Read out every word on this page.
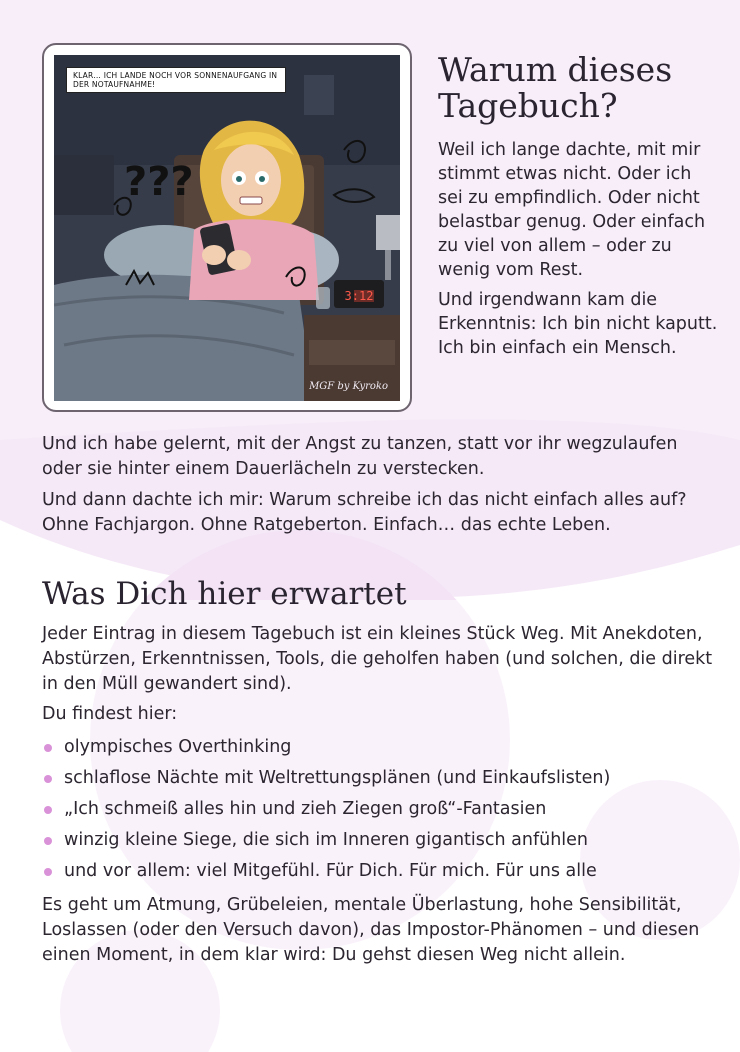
3:12
???
KLAR… ICH LANDE NOCH VOR SONNENAUFGANG IN DER NOTAUFNAHME!
MGF by Kyroko
Warum dieses
Tagebuch?

Weil ich lange dachte, mit mir stimmt etwas nicht. Oder ich sei zu empfindlich. Oder nicht belastbar genug. Oder einfach zu viel von allem – oder zu wenig vom Rest.

Und irgendwann kam die Erkenntnis: Ich bin nicht kaputt. Ich bin einfach ein Mensch.

Und ich habe gelernt, mit der Angst zu tanzen, statt vor ihr wegzulaufen oder sie hinter einem Dauerlächeln zu verstecken.

Und dann dachte ich mir: Warum schreibe ich das nicht einfach alles auf? Ohne Fachjargon. Ohne Ratgeberton. Einfach… das echte Leben.

Was Dich hier erwartet

Jeder Eintrag in diesem Tagebuch ist ein kleines Stück Weg. Mit Anekdoten, Abstürzen, Erkenntnissen, Tools, die geholfen haben (und solchen, die direkt in den Müll gewandert sind).

Du findest hier:

olympisches Overthinking
schlaflose Nächte mit Weltrettungsplänen (und Einkaufslisten)
„Ich schmeiß alles hin und zieh Ziegen groß“-Fantasien
winzig kleine Siege, die sich im Inneren gigantisch anfühlen
und vor allem: viel Mitgefühl. Für Dich. Für mich. Für uns alle

Es geht um Atmung, Grübeleien, mentale Überlastung, hohe Sensibilität, Loslassen (oder den Versuch davon), das Impostor-Phänomen – und diesen einen Moment, in dem klar wird: Du gehst diesen Weg nicht allein.
